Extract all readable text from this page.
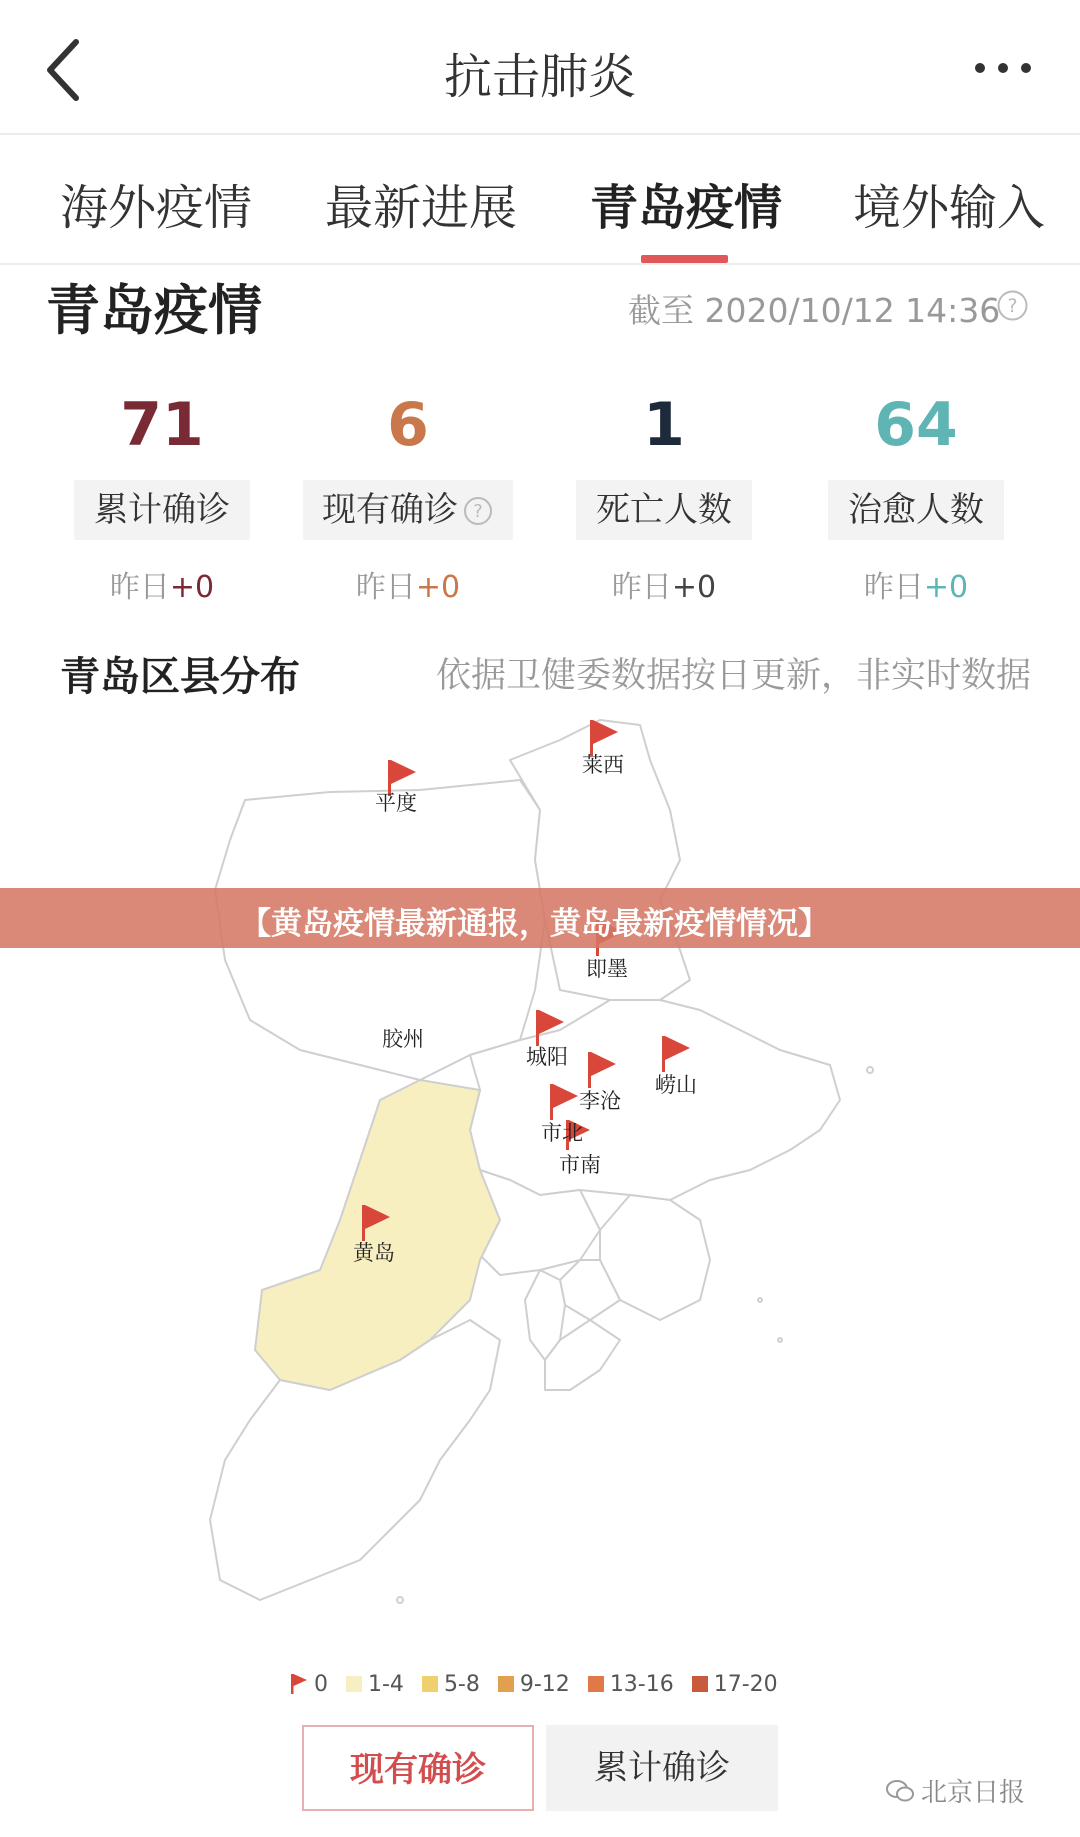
抗击肺炎
海外疫情 最新进展 青岛疫情 境外输入
青岛疫情	截至 2020/10/12 14:36 ?
71
累计确诊
昨日+0
6
现有确诊 ?
昨日+0
1
死亡人数
昨日+0
64
治愈人数
昨日+0
青岛区县分布	依据卫健委数据按日更新，非实时数据
莱西
平度
即墨
胶州
城阳
李沧
崂山
市北
市南
黄岛
【黄岛疫情最新通报，黄岛最新疫情情况】
0 1-4 5-8 9-12 13-16 17-20
现有确诊	累计确诊
北京日报
